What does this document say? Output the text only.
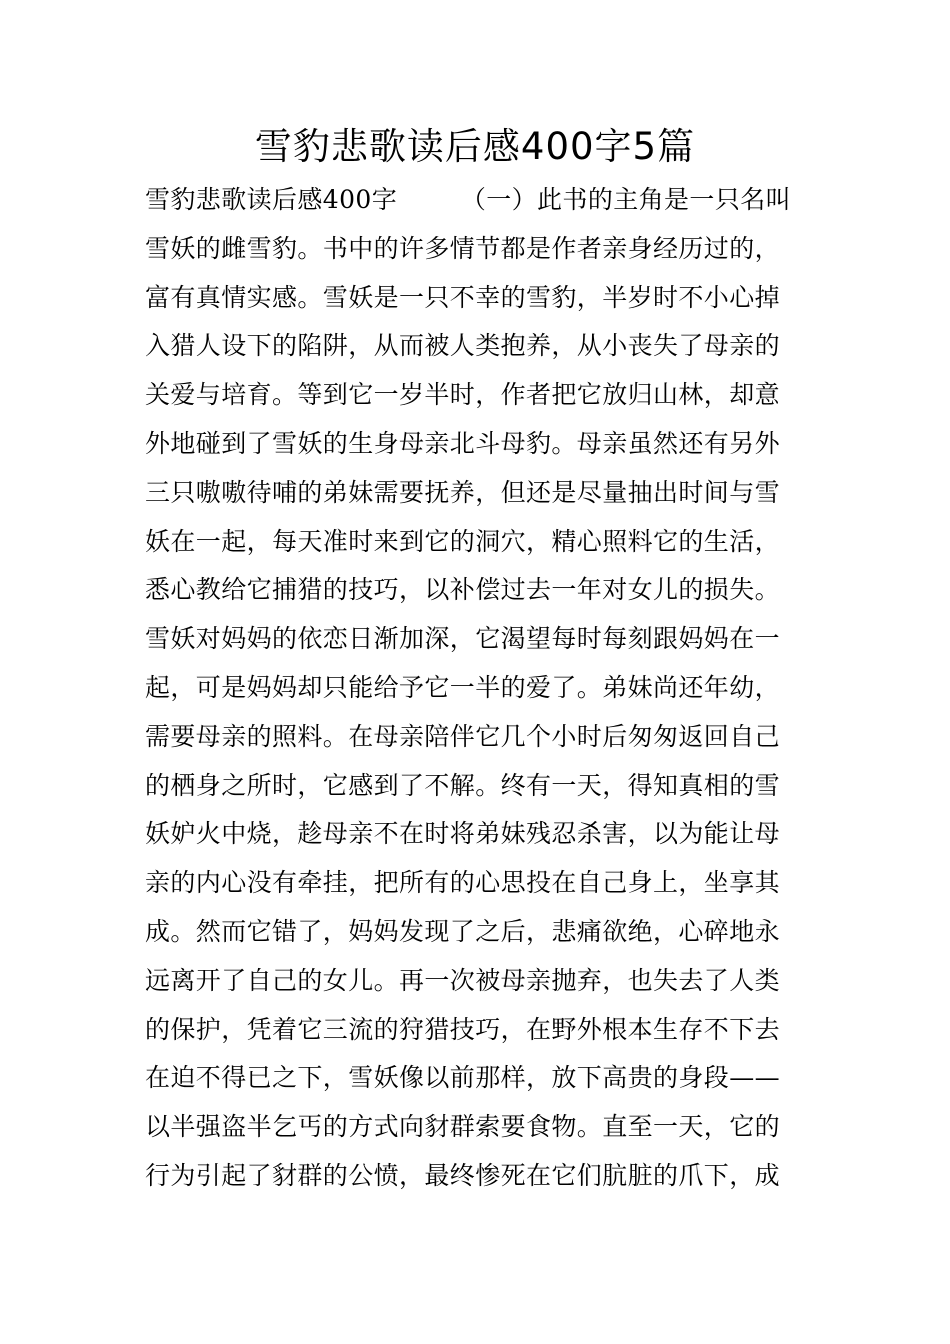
雪豹悲歌读后感400字5篇
雪豹悲歌读后感400字　　　（一）此书的主角是一只名叫
雪妖的雌雪豹。书中的许多情节都是作者亲身经历过的，
富有真情实感。雪妖是一只不幸的雪豹，半岁时不小心掉
入猎人设下的陷阱，从而被人类抱养，从小丧失了母亲的
关爱与培育。等到它一岁半时，作者把它放归山林，却意
外地碰到了雪妖的生身母亲北斗母豹。母亲虽然还有另外
三只嗷嗷待哺的弟妹需要抚养，但还是尽量抽出时间与雪
妖在一起，每天准时来到它的洞穴，精心照料它的生活，
悉心教给它捕猎的技巧，以补偿过去一年对女儿的损失。
雪妖对妈妈的依恋日渐加深，它渴望每时每刻跟妈妈在一
起，可是妈妈却只能给予它一半的爱了。弟妹尚还年幼，
需要母亲的照料。在母亲陪伴它几个小时后匆匆返回自己
的栖身之所时，它感到了不解。终有一天，得知真相的雪
妖妒火中烧，趁母亲不在时将弟妹残忍杀害，以为能让母
亲的内心没有牵挂，把所有的心思投在自己身上，坐享其
成。然而它错了，妈妈发现了之后，悲痛欲绝，心碎地永
远离开了自己的女儿。再一次被母亲抛弃，也失去了人类
的保护，凭着它三流的狩猎技巧，在野外根本生存不下去
在迫不得已之下，雪妖像以前那样，放下高贵的身段——
以半强盗半乞丐的方式向豺群索要食物。直至一天，它的
行为引起了豺群的公愤，最终惨死在它们肮脏的爪下，成
